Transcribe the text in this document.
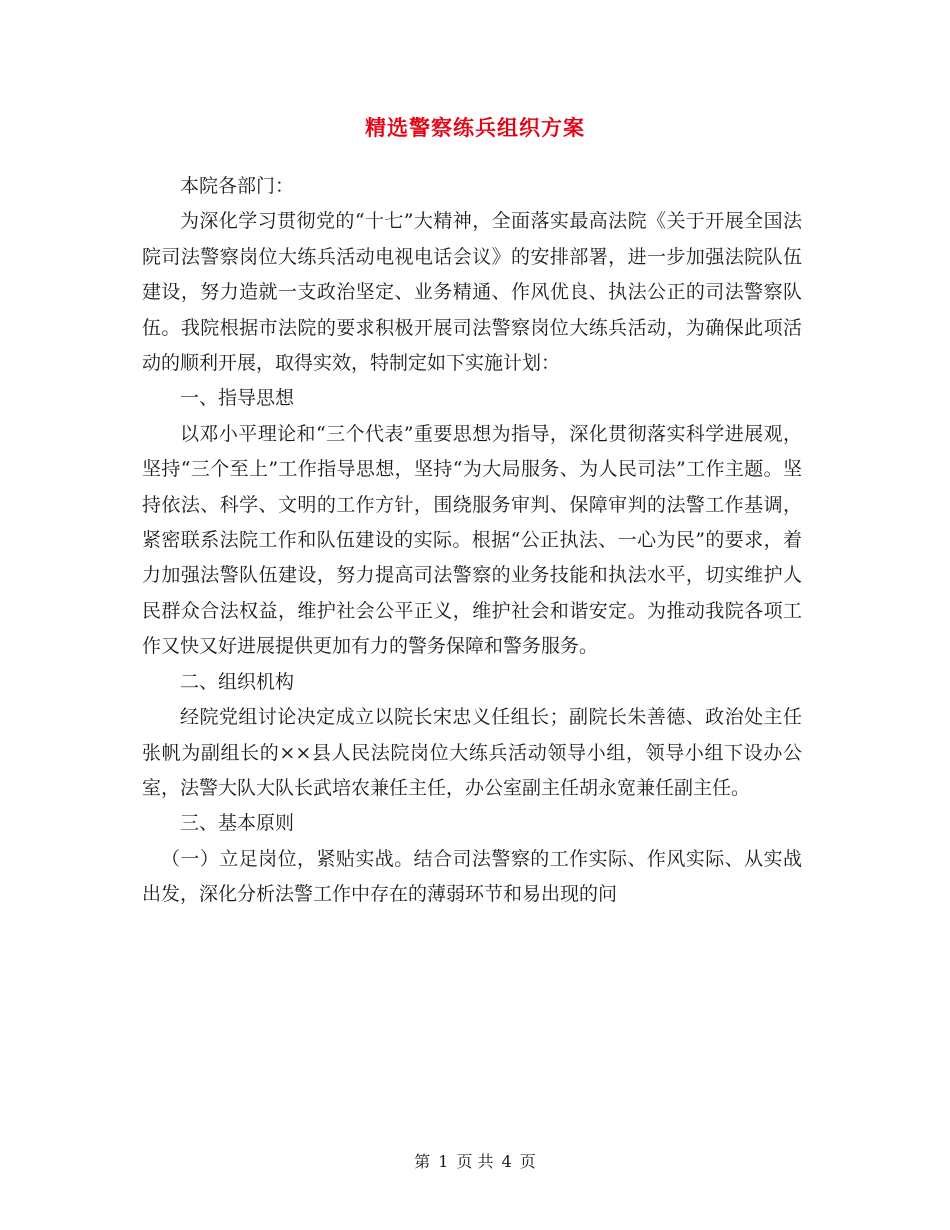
精选警察练兵组织方案

本院各部门：

为深化学习贯彻党的“十七”大精神，全面落实最高法院《关于开展全国法院司法警察岗位大练兵活动电视电话会议》的安排部署，进一步加强法院队伍建设，努力造就一支政治坚定、业务精通、作风优良、执法公正的司法警察队伍。我院根据市法院的要求积极开展司法警察岗位大练兵活动，为确保此项活动的顺利开展，取得实效，特制定如下实施计划：

一、指导思想

以邓小平理论和“三个代表”重要思想为指导，深化贯彻落实科学进展观，坚持“三个至上”工作指导思想，坚持“为大局服务、为人民司法”工作主题。坚持依法、科学、文明的工作方针，围绕服务审判、保障审判的法警工作基调，紧密联系法院工作和队伍建设的实际。根据“公正执法、一心为民”的要求，着力加强法警队伍建设，努力提高司法警察的业务技能和执法水平，切实维护人民群众合法权益，维护社会公平正义，维护社会和谐安定。为推动我院各项工作又快又好进展提供更加有力的警务保障和警务服务。

二、组织机构

经院党组讨论决定成立以院长宋忠义任组长；副院长朱善德、政治处主任张帆为副组长的××县人民法院岗位大练兵活动领导小组，领导小组下设办公室，法警大队大队长武培农兼任主任，办公室副主任胡永宽兼任副主任。

三、基本原则

（一）立足岗位，紧贴实战。结合司法警察的工作实际、作风实际、从实战出发，深化分析法警工作中存在的薄弱环节和易出现的问

第 1 页 共 4 页
